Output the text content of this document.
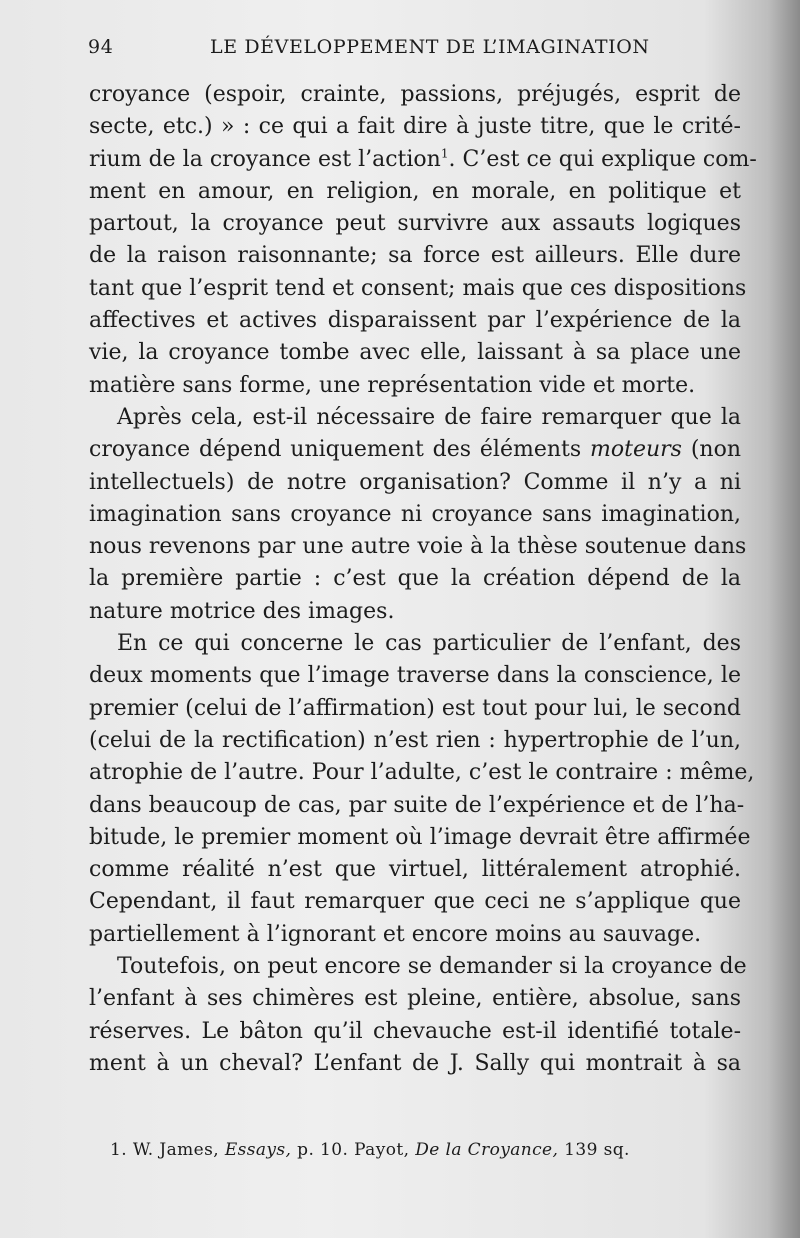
94	LE DÉVELOPPEMENT DE L’IMAGINATION
croyance (espoir, crainte, passions, préjugés, esprit de
secte, etc.) » : ce qui a fait dire à juste titre, que le crité-
rium de la croyance est l’action$^1$. C’est ce qui explique com-
ment en amour, en religion, en morale, en politique et
partout, la croyance peut survivre aux assauts logiques
de la raison raisonnante; sa force est ailleurs. Elle dure
tant que l’esprit tend et consent; mais que ces dispositions
affectives et actives disparaissent par l’expérience de la
vie, la croyance tombe avec elle, laissant à sa place une
matière sans forme, une représentation vide et morte.
Après cela, est-il nécessaire de faire remarquer que la
croyance dépend uniquement des éléments moteurs (non
intellectuels) de notre organisation? Comme il n’y a ni
imagination sans croyance ni croyance sans imagination,
nous revenons par une autre voie à la thèse soutenue dans
la première partie : c’est que la création dépend de la
nature motrice des images.
En ce qui concerne le cas particulier de l’enfant, des
deux moments que l’image traverse dans la conscience, le
premier (celui de l’affirmation) est tout pour lui, le second
(celui de la rectification) n’est rien : hypertrophie de l’un,
atrophie de l’autre. Pour l’adulte, c’est le contraire : même,
dans beaucoup de cas, par suite de l’expérience et de l’ha-
bitude, le premier moment où l’image devrait être affirmée
comme réalité n’est que virtuel, littéralement atrophié.
Cependant, il faut remarquer que ceci ne s’applique que
partiellement à l’ignorant et encore moins au sauvage.
Toutefois, on peut encore se demander si la croyance de
l’enfant à ses chimères est pleine, entière, absolue, sans
réserves. Le bâton qu’il chevauche est-il identifié totale-
ment à un cheval? L’enfant de J. Sally qui montrait à sa
1. W. James, Essays, p. 10. Payot, De la Croyance, 139 sq.
